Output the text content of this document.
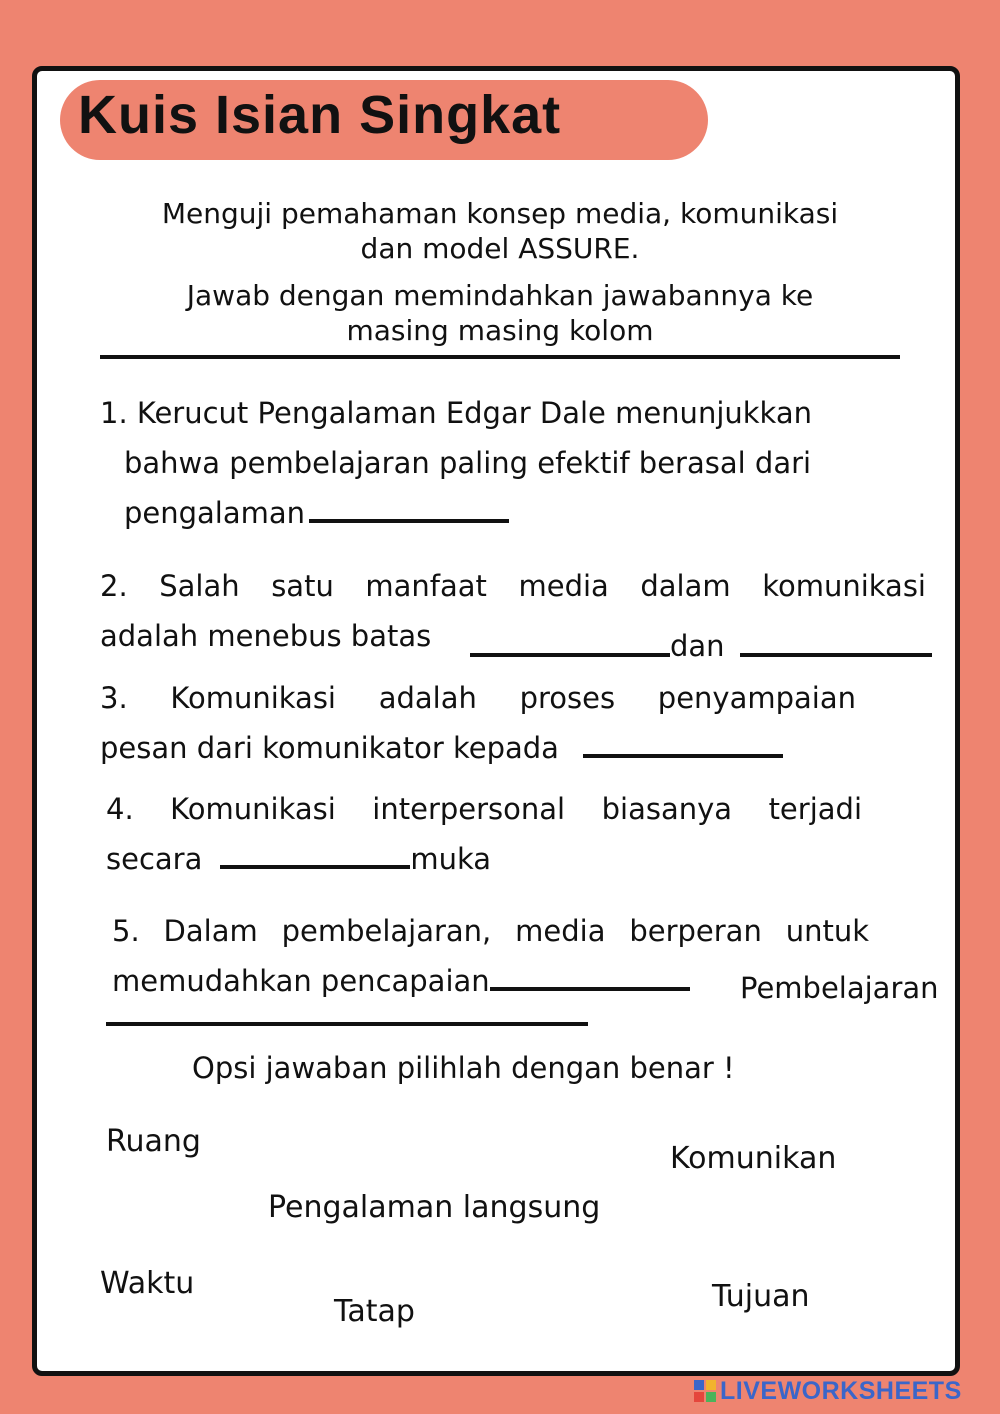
Kuis Isian Singkat
Menguji pemahaman konsep media, komunikasi
dan model ASSURE.
Jawab dengan memindahkan jawabannya ke
masing masing kolom
1. Kerucut Pengalaman Edgar Dale menunjukkan
bahwa pembelajaran paling efektif berasal dari
pengalaman
2. Salah satu manfaat media dalam komunikasi
adalah menebus batas	dan
3. Komunikasi adalah proses penyampaian
pesan dari komunikator kepada
4. Komunikasi interpersonal biasanya terjadi
secara	muka
5. Dalam pembelajaran, media berperan untuk
memudahkan pencapaian	Pembelajaran
Opsi jawaban pilihlah dengan benar !
Ruang	Komunikan
Pengalaman langsung
Waktu	Tujuan
Tatap
LIVEWORKSHEETS
